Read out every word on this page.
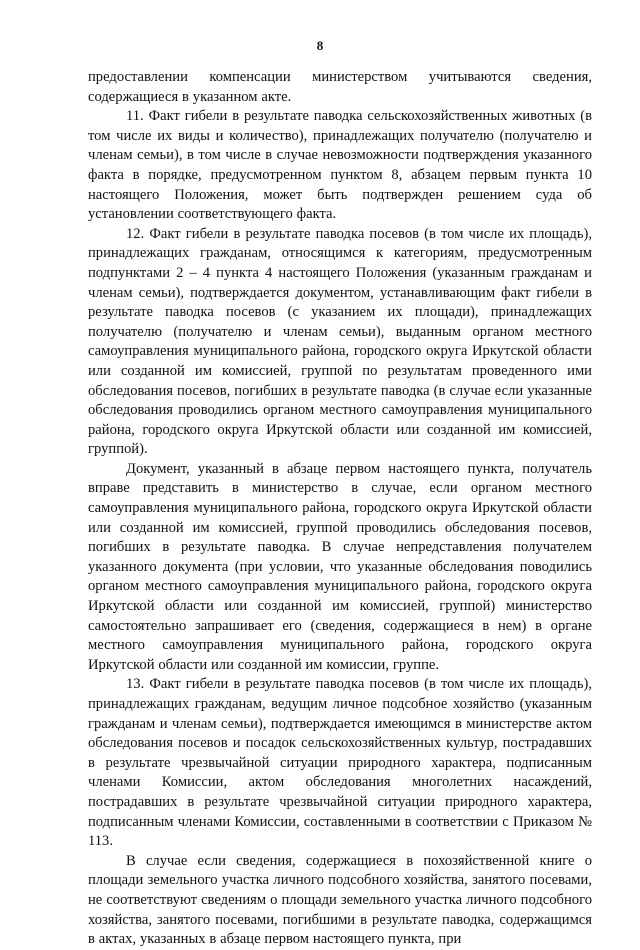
8

предоставлении компенсации министерством учитываются сведения, содержащиеся в указанном акте.

11. Факт гибели в результате паводка сельскохозяйственных животных (в том числе их виды и количество), принадлежащих получателю (получателю и членам семьи), в том числе в случае невозможности подтверждения указанного факта в порядке, предусмотренном пунктом 8, абзацем первым пункта 10 настоящего Положения, может быть подтвержден решением суда об установлении соответствующего факта.

12. Факт гибели в результате паводка посевов (в том числе их площадь), принадлежащих гражданам, относящимся к категориям, предусмотренным подпунктами 2 – 4 пункта 4 настоящего Положения (указанным гражданам и членам семьи), подтверждается документом, устанавливающим факт гибели в результате паводка посевов (с указанием их площади), принадлежащих получателю (получателю и членам семьи), выданным органом местного самоуправления муниципального района, городского округа Иркутской области или созданной им комиссией, группой по результатам проведенного ими обследования посевов, погибших в результате паводка (в случае если указанные обследования проводились органом местного самоуправления муниципального района, городского округа Иркутской области или созданной им комиссией, группой).

Документ, указанный в абзаце первом настоящего пункта, получатель вправе представить в министерство в случае, если органом местного самоуправления муниципального района, городского округа Иркутской области или созданной им комиссией, группой проводились обследования посевов, погибших в результате паводка. В случае непредставления получателем указанного документа (при условии, что указанные обследования поводились органом местного самоуправления муниципального района, городского округа Иркутской области или созданной им комиссией, группой) министерство самостоятельно запрашивает его (сведения, содержащиеся в нем) в органе местного самоуправления муниципального района, городского округа Иркутской области или созданной им комиссии, группе.

13. Факт гибели в результате паводка посевов (в том числе их площадь), принадлежащих гражданам, ведущим личное подсобное хозяйство (указанным гражданам и членам семьи), подтверждается имеющимся в министерстве актом обследования посевов и посадок сельскохозяйственных культур, пострадавших в результате чрезвычайной ситуации природного характера, подписанным членами Комиссии, актом обследования многолетних насаждений, пострадавших в результате чрезвычайной ситуации природного характера, подписанным членами Комиссии, составленными в соответствии с Приказом № 113.

В случае если сведения, содержащиеся в похозяйственной книге о площади земельного участка личного подсобного хозяйства, занятого посевами, не соответствуют сведениям о площади земельного участка личного подсобного хозяйства, занятого посевами, погибшими в результате паводка, содержащимся в актах, указанных в абзаце первом настоящего пункта, при
